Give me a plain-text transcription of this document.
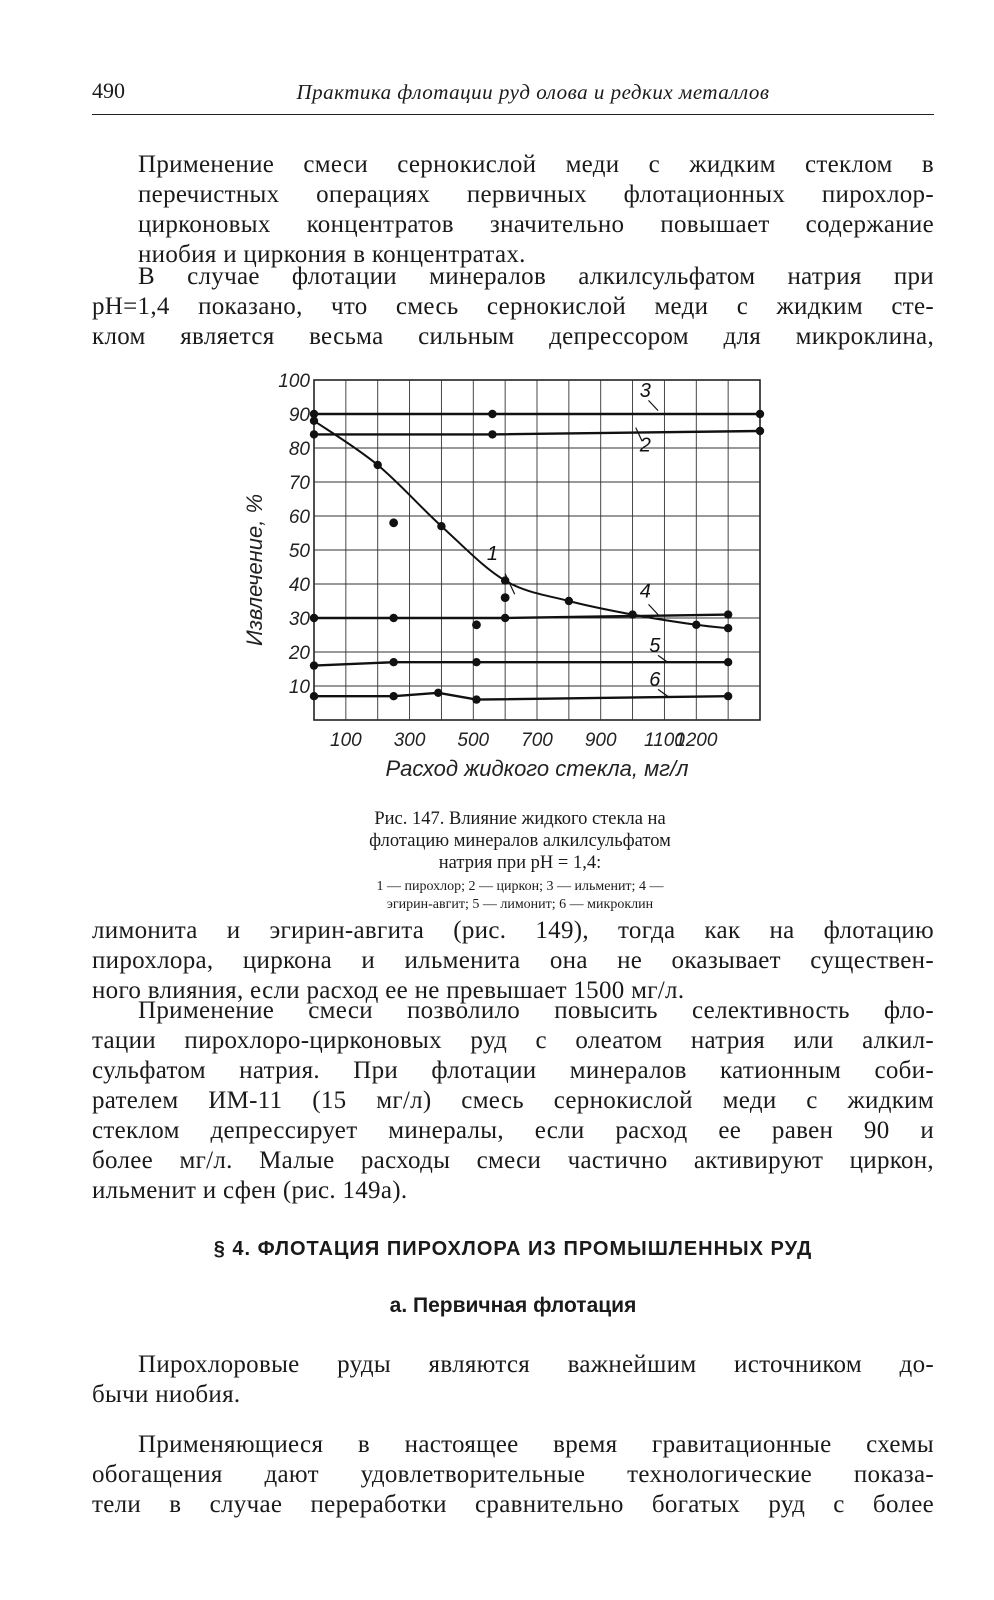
490	Практика флотации руд олова и редких металлов

Применение смеси сернокислой меди с жидким стеклом в
перечистных операциях первичных флотационных пирохлор-
цирконовых концентратов значительно повышает содержание
ниобия и циркония в концентратах.

В случае флотации минералов алкилсульфатом натрия при
рН=1,4 показано, что смесь сернокислой меди с жидким сте-
клом является весьма сильным депрессором для микроклина,

10
20
30
40
50
60
70
80
90
100
100 300 500 700 900 1100
1200
Расход жидкого стекла, мг/л
Извлечение, %	1
2
3
4
5
6
Рис. 147. Влияние жидкого стекла на
флотацию минералов алкилсульфатом
натрия при рН = 1,4:
1 — пирохлор; 2 — циркон; 3 — ильменит; 4 —
эгирин-авгит; 5 — лимонит; 6 — микроклин

лимонита и эгирин-авгита (рис. 149), тогда как на флотацию
пирохлора, циркона и ильменита она не оказывает существен-
ного влияния, если расход ее не превышает 1500 мг/л.

Применение смеси позволило повысить селективность фло-
тации пирохлоро-цирконовых руд с олеатом натрия или алкил-
сульфатом натрия. При флотации минералов катионным соби-
рателем ИМ-11 (15 мг/л) смесь сернокислой меди с жидким
стеклом депрессирует минералы, если расход ее равен 90 и
более мг/л. Малые расходы смеси частично активируют циркон,
ильменит и сфен (рис. 149а).

§ 4. ФЛОТАЦИЯ ПИРОХЛОРА ИЗ ПРОМЫШЛЕННЫХ РУД
а. Первичная флотация

Пирохлоровые руды являются важнейшим источником до-
бычи ниобия.

Применяющиеся в настоящее время гравитационные схемы
обогащения дают удовлетворительные технологические показа-
тели в случае переработки сравнительно богатых руд с более
